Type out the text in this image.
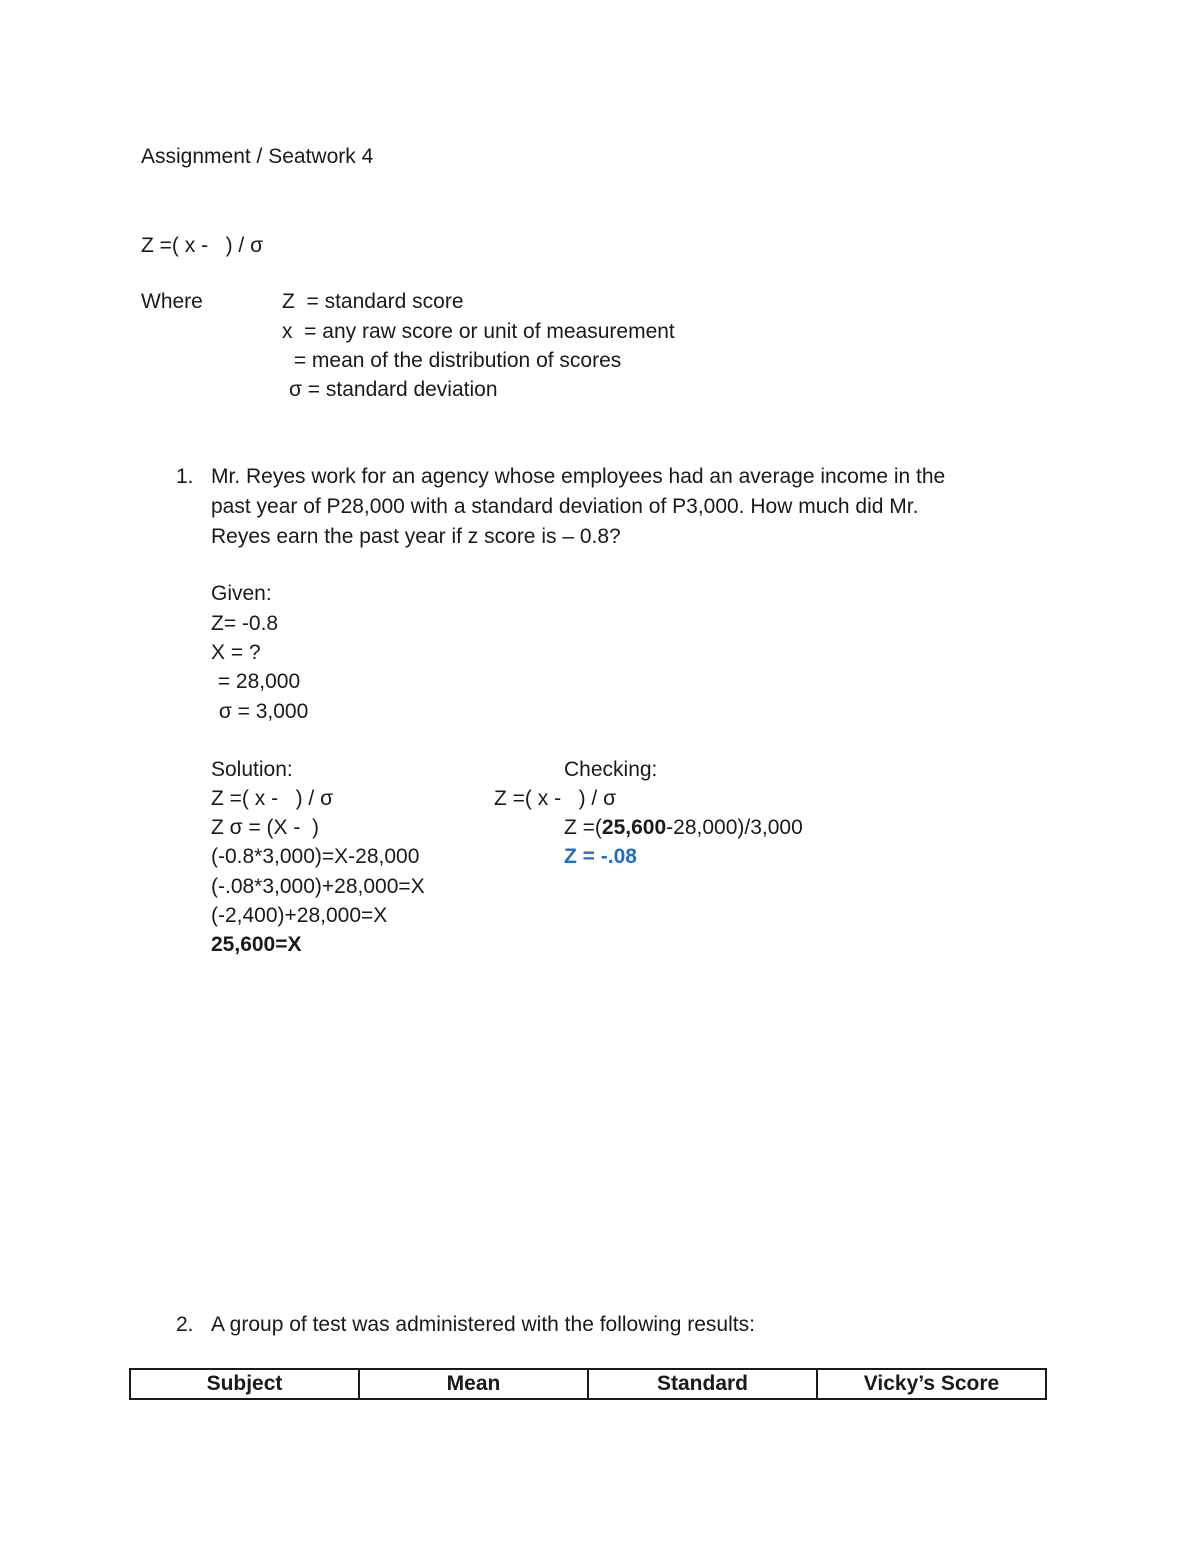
Assignment / Seatwork 4
Z =( x -   ) / σ
Where	Z  = standard score
x  = any raw score or unit of measurement
= mean of the distribution of scores
σ = standard deviation
1. Mr. Reyes work for an agency whose employees had an average income in the
past year of P28,000 with a standard deviation of P3,000. How much did Mr.
Reyes earn the past year if z score is – 0.8?
Given:
Z= -0.8
X = ?
= 28,000
σ = 3,000
Solution:
Z =( x -   ) / σ
Z σ = (X -  )
(-0.8*3,000)=X-28,000
(-.08*3,000)+28,000=X
(-2,400)+28,000=X
25,600=X
Checking:
Z =( x -   ) / σ
Z =(25,600-28,000)/3,000
Z = -.08
2. A group of test was administered with the following results:
Subject	Mean	Standard	Vicky’s Score
